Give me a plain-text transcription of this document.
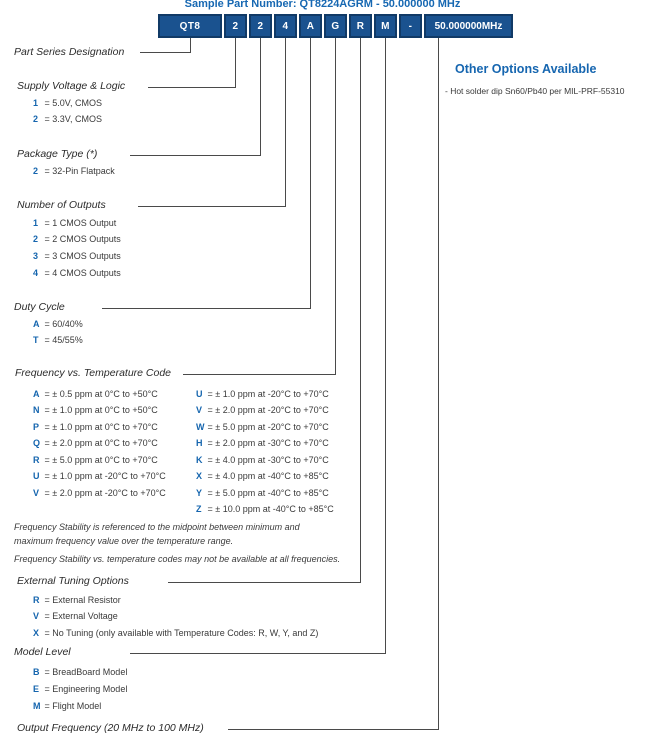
Sample Part Number: QT8224AGRM - 50.000000 MHz
QT8	2	2	4	A	G	R	M	-	50.000000MHz
Other Options Available
- Hot solder dip Sn60/Pb40 per MIL-PRF-55310
Part Series Designation
Supply Voltage & Logic
1 = 5.0V, CMOS
2 = 3.3V, CMOS
Package Type (*)
2 = 32-Pin Flatpack
Number of Outputs
1 = 1 CMOS Output
2 = 2 CMOS Outputs
3 = 3 CMOS Outputs
4 = 4 CMOS Outputs
Duty Cycle
A = 60/40%
T = 45/55%
Frequency vs. Temperature Code
A = ± 0.5 ppm at 0°C to +50°C
N = ± 1.0 ppm at 0°C to +50°C
P = ± 1.0 ppm at 0°C to +70°C
Q = ± 2.0 ppm at 0°C to +70°C
R = ± 5.0 ppm at 0°C to +70°C
U = ± 1.0 ppm at -20°C to +70°C
V = ± 2.0 ppm at -20°C to +70°C
U = ± 1.0 ppm at -20°C to +70°C
V = ± 2.0 ppm at -20°C to +70°C
W = ± 5.0 ppm at -20°C to +70°C
H = ± 2.0 ppm at -30°C to +70°C
K = ± 4.0 ppm at -30°C to +70°C
X = ± 4.0 ppm at -40°C to +85°C
Y = ± 5.0 ppm at -40°C to +85°C
Z = ± 10.0 ppm at -40°C to +85°C
Frequency Stability is referenced to the midpoint between minimum and maximum frequency value over the temperature range.
Frequency Stability vs. temperature codes may not be available at all frequencies.
External Tuning Options
R = External Resistor
V = External Voltage
X = No Tuning (only available with Temperature Codes: R, W, Y, and Z)
Model Level
B = BreadBoard Model
E = Engineering Model
M = Flight Model
Output Frequency (20 MHz to 100 MHz)
